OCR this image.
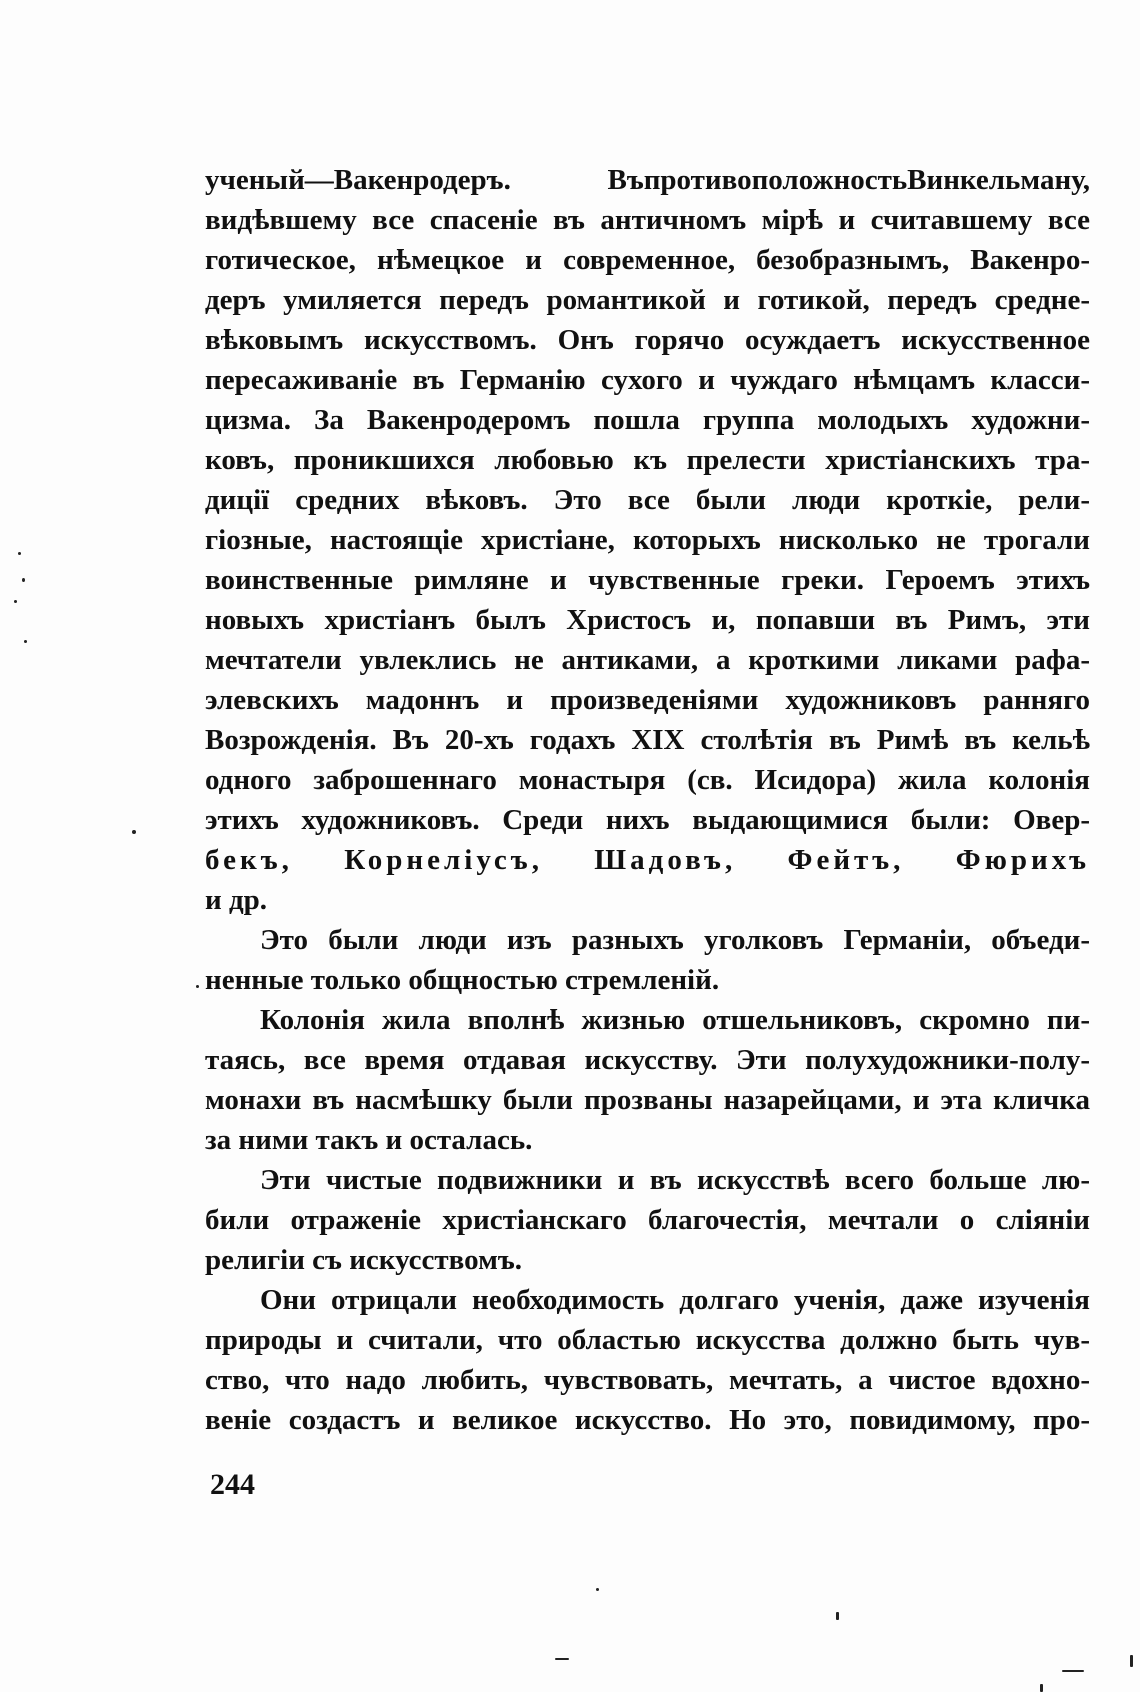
ученый—Вакенродеръ. ВъпротивоположностьВинкельману,
видѣвшему все спасеніе въ античномъ мірѣ и считавшему все
готическое, нѣмецкое и современное, безобразнымъ, Вакенро-
деръ умиляется передъ романтикой и готикой, передъ средне-
вѣковымъ искусствомъ. Онъ горячо осуждаетъ искусственное
пересаживаніе въ Германію сухого и чуждаго нѣмцамъ класси-
цизма. За Вакенродеромъ пошла группа молодыхъ художни-
ковъ, проникшихся любовью къ прелести христіанскихъ тра-
диції средних вѣковъ. Это все были люди кроткіе, рели-
гіозные, настоящіе христіане, которыхъ нисколько не трогали
воинственные римляне и чувственные греки. Героемъ этихъ
новыхъ христіанъ былъ Христосъ и, попавши въ Римъ, эти
мечтатели увлеклись не антиками, а кроткими ликами рафа-
элевскихъ мадоннъ и произведеніями художниковъ ранняго
Возрожденія. Въ 20-хъ годахъ XIX столѣтія въ Римѣ въ кельѣ
одного заброшеннаго монастыря (св. Исидора) жила колонія
этихъ художниковъ. Среди нихъ выдающимися были: Овер-
бекъ, Корнеліусъ, Шадовъ, Фейтъ, Фюрихъ
и др.
Это были люди изъ разныхъ уголковъ Германіи, объеди-
ненные только общностью стремленій.
Колонія жила вполнѣ жизнью отшельниковъ, скромно пи-
таясь, все время отдавая искусству. Эти полухудожники-полу-
монахи въ насмѣшку были прозваны назарейцами, и эта кличка
за ними такъ и осталась.
Эти чистые подвижники и въ искусствѣ всего больше лю-
били отраженіе христіанскаго благочестія, мечтали о сліяніи
религіи съ искусствомъ.
Они отрицали необходимость долгаго ученія, даже изученія
природы и считали, что областью искусства должно быть чув-
ство, что надо любить, чувствовать, мечтать, а чистое вдохно-
веніе создастъ и великое искусство. Но это, повидимому, про-
244
